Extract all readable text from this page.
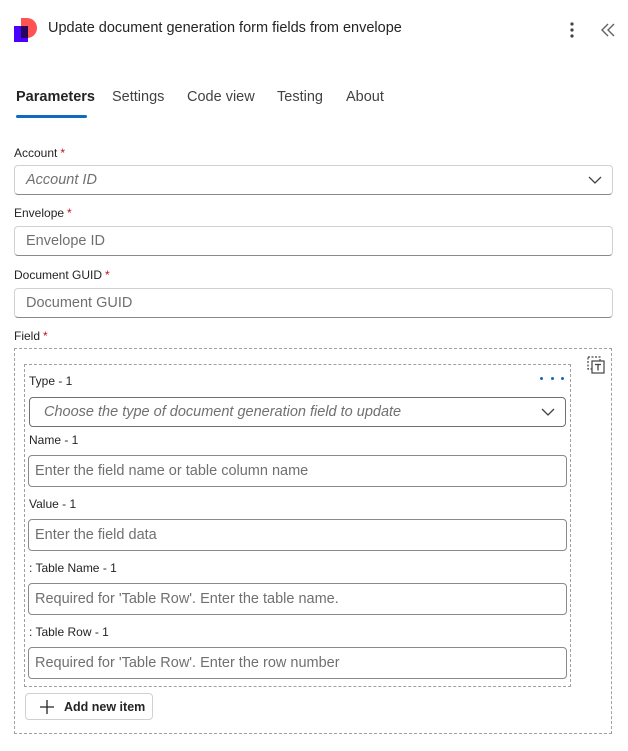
Update document generation form fields from envelope
Parameters Settings Code view Testing About
Account *
Account ID
Envelope *
Envelope ID
Document GUID *
Document GUID
Field *
Type - 1
Choose the type of document generation field to update
Name - 1
Enter the field name or table column name
Value - 1
Enter the field data
: Table Name - 1
Required for 'Table Row'. Enter the table name.
: Table Row - 1
Required for 'Table Row'. Enter the row number
Add new item
